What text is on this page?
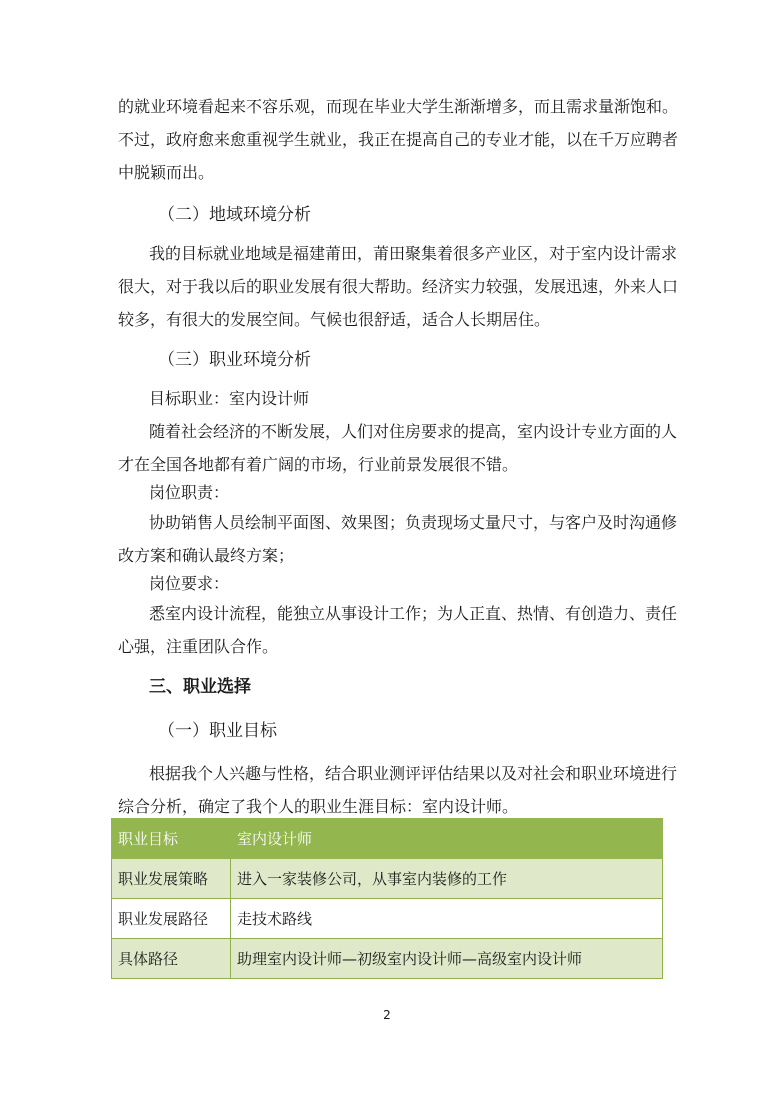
的就业环境看起来不容乐观，而现在毕业大学生渐渐增多，而且需求量渐饱和。
不过，政府愈来愈重视学生就业，我正在提高自己的专业才能，以在千万应聘者
中脱颖而出。
（二）地域环境分析
我的目标就业地域是福建莆田，莆田聚集着很多产业区，对于室内设计需求
很大，对于我以后的职业发展有很大帮助。经济实力较强，发展迅速，外来人口
较多，有很大的发展空间。气候也很舒适，适合人长期居住。
（三）职业环境分析
目标职业：室内设计师
随着社会经济的不断发展，人们对住房要求的提高，室内设计专业方面的人
才在全国各地都有着广阔的市场，行业前景发展很不错。
岗位职责：
协助销售人员绘制平面图、效果图；负责现场丈量尺寸，与客户及时沟通修
改方案和确认最终方案；
岗位要求：
悉室内设计流程，能独立从事设计工作；为人正直、热情、有创造力、责任
心强，注重团队合作。
三、职业选择
（一）职业目标
根据我个人兴趣与性格，结合职业测评评估结果以及对社会和职业环境进行
综合分析，确定了我个人的职业生涯目标：室内设计师。
职业目标	室内设计师
职业发展策略	进入一家装修公司，从事室内装修的工作
职业发展路径	走技术路线
具体路径	助理室内设计师—初级室内设计师—高级室内设计师
2
